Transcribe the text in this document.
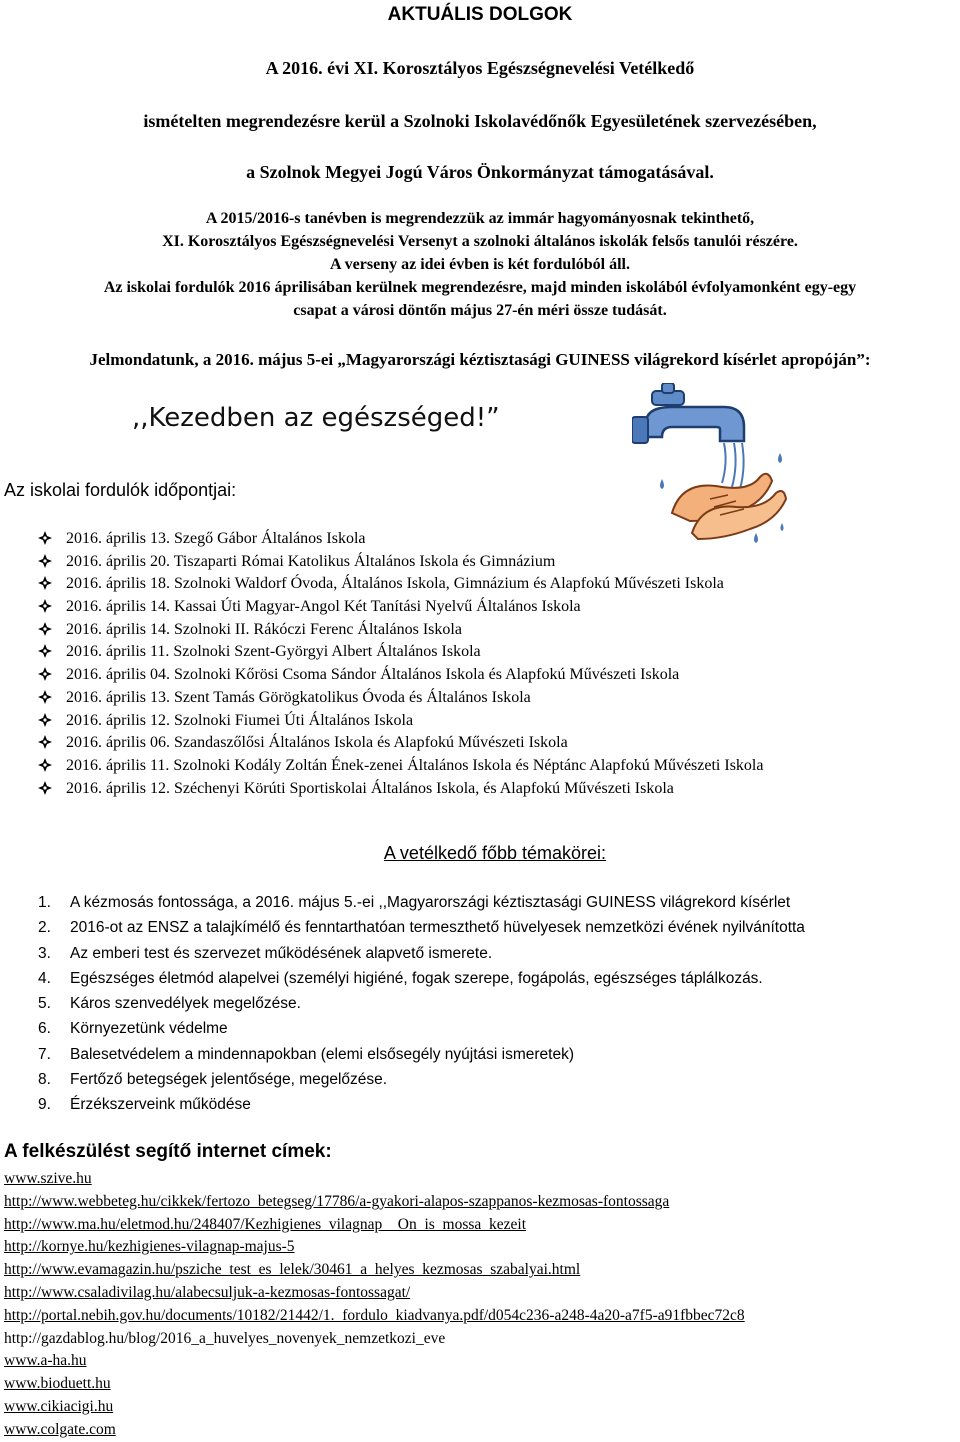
AKTUÁLIS DOLGOK
A 2016. évi XI. Korosztályos Egészségnevelési Vetélkedő
ismételten megrendezésre kerül a Szolnoki Iskolavédőnők Egyesületének szervezésében,
a Szolnok Megyei Jogú Város Önkormányzat támogatásával.
A 2015/2016-s tanévben is megrendezzük az immár hagyományosnak tekinthető,
XI. Korosztályos Egészségnevelési Versenyt a szolnoki általános iskolák felsős tanulói részére.
A verseny az idei évben is két fordulóból áll.
Az iskolai fordulók 2016 áprilisában kerülnek megrendezésre, majd minden iskolából évfolyamonként egy-egy
csapat a városi döntőn május 27-én méri össze tudását.
Jelmondatunk, a 2016. május 5-ei „Magyarországi kéztisztasági GUINESS világrekord kísérlet apropóján”:
,,Kezedben az egészséged!”
Az iskolai fordulók időpontjai:
2016. április 13. Szegő Gábor Általános Iskola
2016. április 20. Tiszaparti Római Katolikus Általános Iskola és Gimnázium
2016. április 18. Szolnoki Waldorf Óvoda, Általános Iskola, Gimnázium és Alapfokú Művészeti Iskola
2016. április 14. Kassai Úti Magyar-Angol Két Tanítási Nyelvű Általános Iskola
2016. április 14. Szolnoki II. Rákóczi Ferenc Általános Iskola
2016. április 11. Szolnoki Szent-Györgyi Albert Általános Iskola
2016. április 04. Szolnoki Kőrösi Csoma Sándor Általános Iskola és Alapfokú Művészeti Iskola
2016. április 13. Szent Tamás Görögkatolikus Óvoda és Általános Iskola
2016. április 12. Szolnoki Fiumei Úti Általános Iskola
2016. április 06. Szandaszőlősi Általános Iskola és Alapfokú Művészeti Iskola
2016. április 11. Szolnoki Kodály Zoltán Ének-zenei Általános Iskola és Néptánc Alapfokú Művészeti Iskola
2016. április 12. Széchenyi Körúti Sportiskolai Általános Iskola, és Alapfokú Művészeti Iskola
A vetélkedő főbb témakörei:
1. A kézmosás fontossága, a 2016. május 5.-ei ,,Magyarországi kéztisztasági GUINESS világrekord kísérlet
2. 2016-ot az ENSZ a talajkímélő és fenntarthatóan termeszthető hüvelyesek nemzetközi évének nyilvánította
3. Az emberi test és szervezet működésének alapvető ismerete.
4. Egészséges életmód alapelvei (személyi higiéné, fogak szerepe, fogápolás, egészséges táplálkozás.
5. Káros szenvedélyek megelőzése.
6. Környezetünk védelme
7. Balesetvédelem a mindennapokban (elemi elsősegély nyújtási ismeretek)
8. Fertőző betegségek jelentősége, megelőzése.
9. Érzékszerveink működése
A felkészülést segítő internet címek:
www.szive.hu
http://www.webbeteg.hu/cikkek/fertozo_betegseg/17786/a-gyakori-alapos-szappanos-kezmosas-fontossaga
http://www.ma.hu/eletmod.hu/248407/Kezhigienes_vilagnap__On_is_mossa_kezeit
http://kornye.hu/kezhigienes-vilagnap-majus-5
http://www.evamagazin.hu/psziche_test_es_lelek/30461_a_helyes_kezmosas_szabalyai.html
http://www.csaladivilag.hu/alabecsuljuk-a-kezmosas-fontossagat/
http://portal.nebih.gov.hu/documents/10182/21442/1._fordulo_kiadvanya.pdf/d054c236-a248-4a20-a7f5-a91fbbec72c8
http://gazdablog.hu/blog/2016_a_huvelyes_novenyek_nemzetkozi_eve
www.a-ha.hu
www.bioduett.hu
www.cikiacigi.hu
www.colgate.com
